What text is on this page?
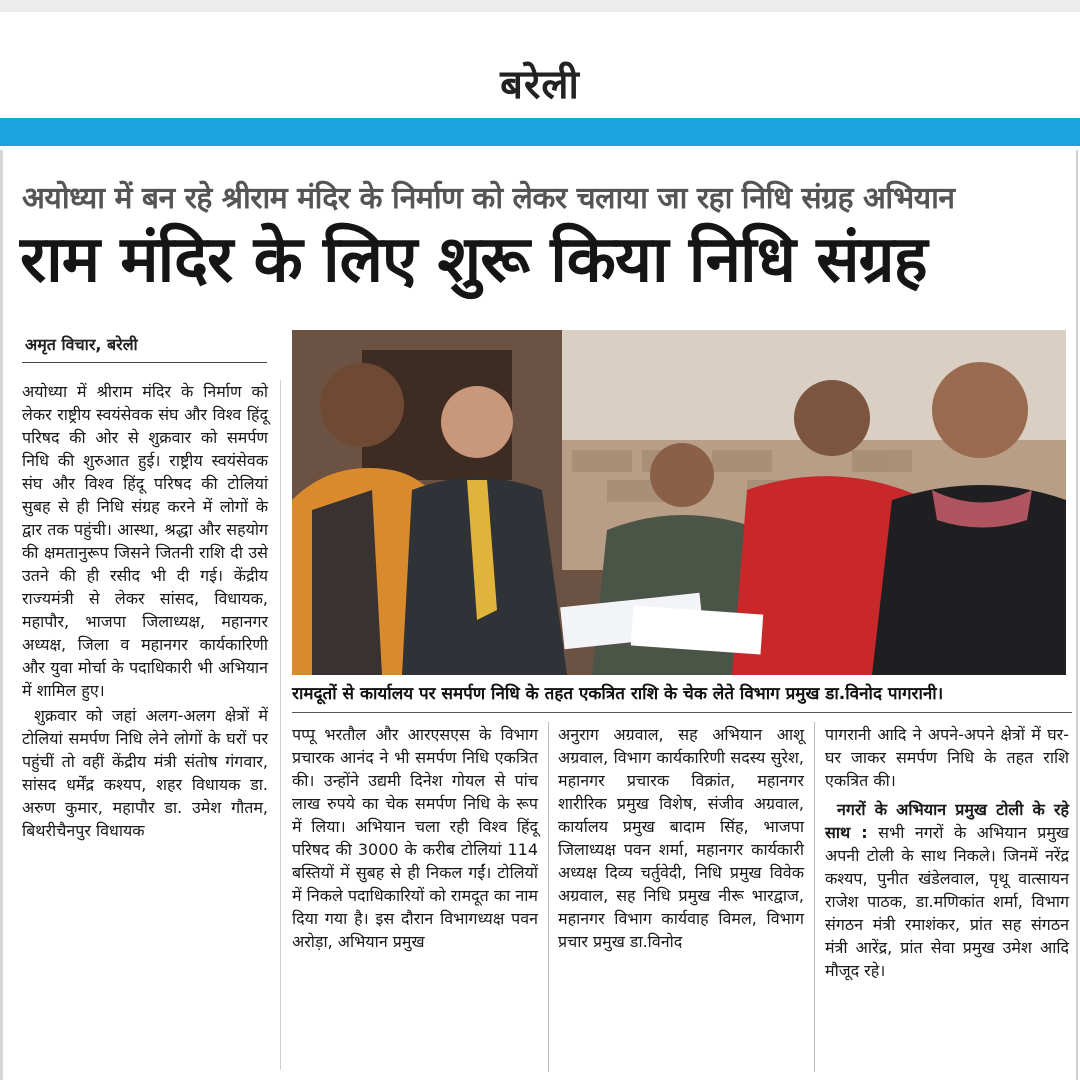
बरेली
अयोध्या में बन रहे श्रीराम मंदिर के निर्माण को लेकर चलाया जा रहा निधि संग्रह अभियान
राम मंदिर के लिए शुरू किया निधि संग्रह
अमृत विचार, बरेली

अयोध्या में श्रीराम मंदिर के निर्माण को लेकर राष्ट्रीय स्वयंसेवक संघ और विश्व हिंदू परिषद की ओर से शुक्रवार को समर्पण निधि की शुरुआत हुई। राष्ट्रीय स्वयंसेवक संघ और विश्व हिंदू परिषद की टोलियां सुबह से ही निधि संग्रह करने में लोगों के द्वार तक पहुंची। आस्था, श्रद्धा और सहयोग की क्षमतानुरूप जिसने जितनी राशि दी उसे उतने की ही रसीद भी दी गई। केंद्रीय राज्यमंत्री से लेकर सांसद, विधायक, महापौर, भाजपा जिलाध्यक्ष, महानगर अध्यक्ष, जिला व महानगर कार्यकारिणी और युवा मोर्चा के पदाधिकारी भी अभियान में शामिल हुए।

शुक्रवार को जहां अलग-अलग क्षेत्रों में टोलियां समर्पण निधि लेने लोगों के घरों पर पहुंचीं तो वहीं केंद्रीय मंत्री संतोष गंगवार, सांसद धर्मेंद्र कश्यप, शहर विधायक डा. अरुण कुमार, महापौर डा. उमेश गौतम, बिथरीचैनपुर विधायक

रामदूतों से कार्यालय पर समर्पण निधि के तहत एकत्रित राशि के चेक लेते विभाग प्रमुख डा.विनोद पागरानी।

पप्पू भरतौल और आरएसएस के विभाग प्रचारक आनंद ने भी समर्पण निधि एकत्रित की। उन्होंने उद्यमी दिनेश गोयल से पांच लाख रुपये का चेक समर्पण निधि के रूप में लिया। अभियान चला रही विश्व हिंदू परिषद की 3000 के करीब टोलियां 114 बस्तियों में सुबह से ही निकल गईं। टोलियों में निकले पदाधिकारियों को रामदूत का नाम दिया गया है। इस दौरान विभागध्यक्ष पवन अरोड़ा, अभियान प्रमुख

अनुराग अग्रवाल, सह अभियान आशू अग्रवाल, विभाग कार्यकारिणी सदस्य सुरेश, महानगर प्रचारक विक्रांत, महानगर शारीरिक प्रमुख विशेष, संजीव अग्रवाल, कार्यालय प्रमुख बादाम सिंह, भाजपा जिलाध्यक्ष पवन शर्मा, महानगर कार्यकारी अध्यक्ष दिव्य चर्तुवेदी, निधि प्रमुख विवेक अग्रवाल, सह निधि प्रमुख नीरू भारद्वाज, महानगर विभाग कार्यवाह विमल, विभाग प्रचार प्रमुख डा.विनोद

पागरानी आदि ने अपने-अपने क्षेत्रों में घर-घर जाकर समर्पण निधि के तहत राशि एकत्रित की।

नगरों के अभियान प्रमुख टोली के रहे साथ : सभी नगरों के अभियान प्रमुख अपनी टोली के साथ निकले। जिनमें नरेंद्र कश्यप, पुनीत खंडेलवाल, पृथू वात्सायन राजेश पाठक, डा.मणिकांत शर्मा, विभाग संगठन मंत्री रमाशंकर, प्रांत सह संगठन मंत्री आरेंद्र, प्रांत सेवा प्रमुख उमेश आदि मौजूद रहे।
